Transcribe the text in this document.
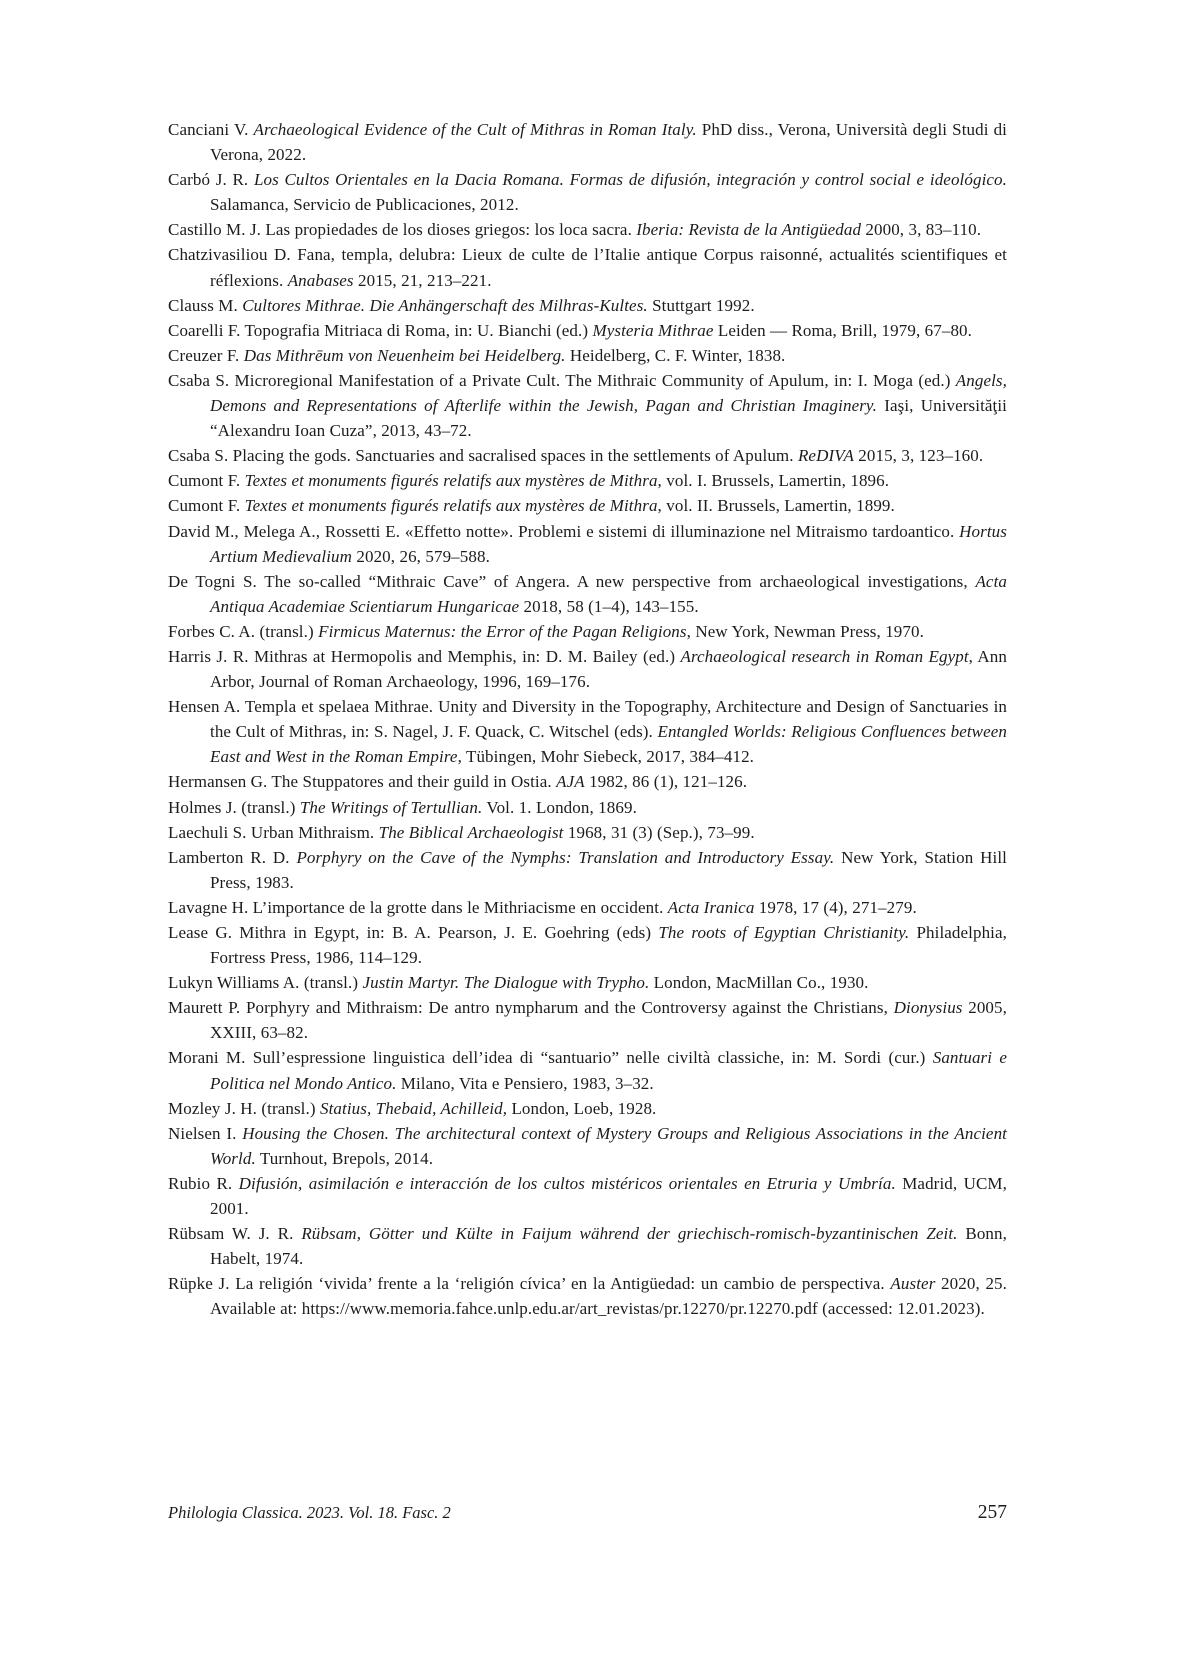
Canciani V. Archaeological Evidence of the Cult of Mithras in Roman Italy. PhD diss., Verona, Università degli Studi di Verona, 2022.

Carbó J. R. Los Cultos Orientales en la Dacia Romana. Formas de difusión, integración y control social e ideológico. Salamanca, Servicio de Publicaciones, 2012.

Castillo M. J. Las propiedades de los dioses griegos: los loca sacra. Iberia: Revista de la Antigüedad 2000, 3, 83–110.

Chatzivasiliou D. Fana, templa, delubra: Lieux de culte de l’Italie antique Corpus raisonné, actualités scientifiques et réflexions. Anabases 2015, 21, 213–221.

Clauss M. Cultores Mithrae. Die Anhängerschaft des Milhras-Kultes. Stuttgart 1992.

Coarelli F. Topografia Mitriaca di Roma, in: U. Bianchi (ed.) Mysteria Mithrae Leiden — Roma, Brill, 1979, 67–80.

Creuzer F. Das Mithrēum von Neuenheim bei Heidelberg. Heidelberg, C. F. Winter, 1838.

Csaba S. Microregional Manifestation of a Private Cult. The Mithraic Community of Apulum, in: I. Moga (ed.) Angels, Demons and Representations of Afterlife within the Jewish, Pagan and Christian Imaginery. Iaşi, Universităţii “Alexandru Ioan Cuza”, 2013, 43–72.

Csaba S. Placing the gods. Sanctuaries and sacralised spaces in the settlements of Apulum. ReDIVA 2015, 3, 123–160.

Cumont F. Textes et monuments figurés relatifs aux mystères de Mithra, vol. I. Brussels, Lamertin, 1896.

Cumont F. Textes et monuments figurés relatifs aux mystères de Mithra, vol. II. Brussels, Lamertin, 1899.

David M., Melega A., Rossetti E. «Effetto notte». Problemi e sistemi di illuminazione nel Mitraismo tardoantico. Hortus Artium Medievalium 2020, 26, 579–588.

De Togni S. The so-called “Mithraic Cave” of Angera. A new perspective from archaeological investigations, Acta Antiqua Academiae Scientiarum Hungaricae 2018, 58 (1–4), 143–155.

Forbes C. A. (transl.) Firmicus Maternus: the Error of the Pagan Religions, New York, Newman Press, 1970.

Harris J. R. Mithras at Hermopolis and Memphis, in: D. M. Bailey (ed.) Archaeological research in Roman Egypt, Ann Arbor, Journal of Roman Archaeology, 1996, 169–176.

Hensen A. Templa et spelaea Mithrae. Unity and Diversity in the Topography, Architecture and Design of Sanctuaries in the Cult of Mithras, in: S. Nagel, J. F. Quack, C. Witschel (eds). Entangled Worlds: Religious Confluences between East and West in the Roman Empire, Tübingen, Mohr Siebeck, 2017, 384–412.

Hermansen G. The Stuppatores and their guild in Ostia. AJA 1982, 86 (1), 121–126.

Holmes J. (transl.) The Writings of Tertullian. Vol. 1. London, 1869.

Laechuli S. Urban Mithraism. The Biblical Archaeologist 1968, 31 (3) (Sep.), 73–99.

Lamberton R. D. Porphyry on the Cave of the Nymphs: Translation and Introductory Essay. New York, Station Hill Press, 1983.

Lavagne H. L’importance de la grotte dans le Mithriacisme en occident. Acta Iranica 1978, 17 (4), 271–279.

Lease G. Mithra in Egypt, in: B. A. Pearson, J. E. Goehring (eds) The roots of Egyptian Christianity. Philadelphia, Fortress Press, 1986, 114–129.

Lukyn Williams A. (transl.) Justin Martyr. The Dialogue with Trypho. London, MacMillan Co., 1930.

Maurett P. Porphyry and Mithraism: De antro nympharum and the Controversy against the Christians, Dionysius 2005, XXIII, 63–82.

Morani M. Sull’espressione linguistica dell’idea di “santuario” nelle civiltà classiche, in: M. Sordi (cur.) Santuari e Politica nel Mondo Antico. Milano, Vita e Pensiero, 1983, 3–32.

Mozley J. H. (transl.) Statius, Thebaid, Achilleid, London, Loeb, 1928.

Nielsen I. Housing the Chosen. The architectural context of Mystery Groups and Religious Associations in the Ancient World. Turnhout, Brepols, 2014.

Rubio R. Difusión, asimilación e interacción de los cultos mistéricos orientales en Etruria y Umbría. Madrid, UCM, 2001.

Rübsam W. J. R. Rübsam, Götter und Külte in Faijum während der griechisch-romisch-byzantinischen Zeit. Bonn, Habelt, 1974.

Rüpke J. La religión ‘vivida’ frente a la ‘religión cívica’ en la Antigüedad: un cambio de perspectiva. Auster 2020, 25. Available at: https://www.memoria.fahce.unlp.edu.ar/art_revistas/pr.12270/pr.12270.pdf (accessed: 12.01.2023).

Philologia Classica. 2023. Vol. 18. Fasc. 2	257
